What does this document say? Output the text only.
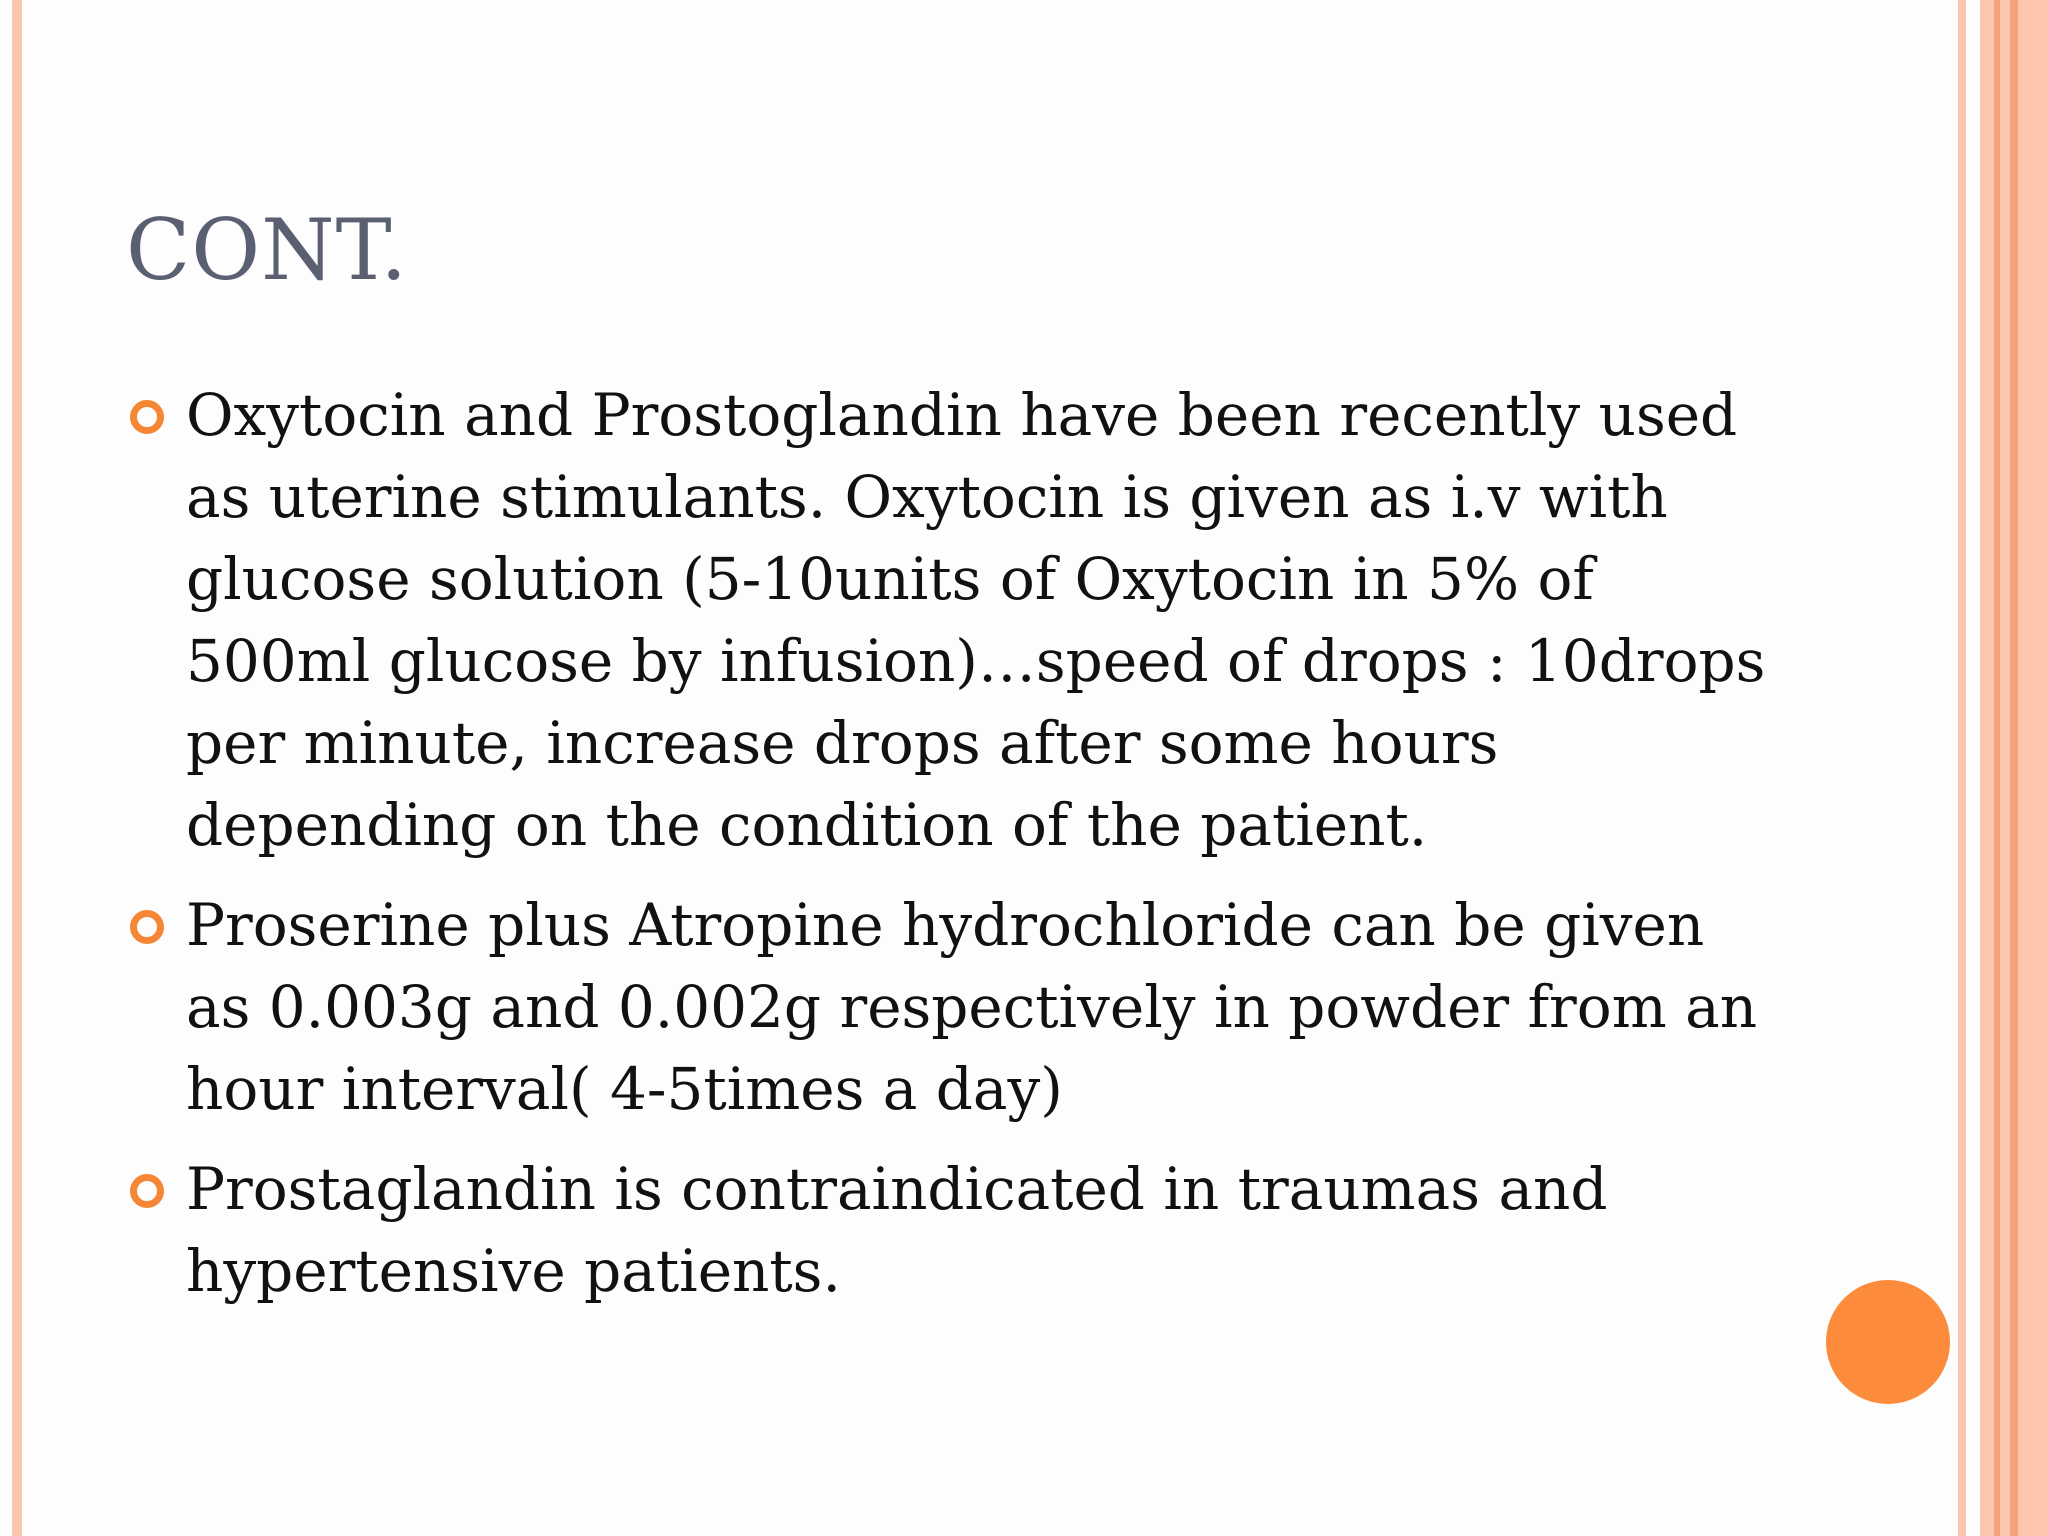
CONT.
Oxytocin and Prostoglandin have been recently used as uterine stimulants. Oxytocin is given as i.v with glucose solution (5-10units of Oxytocin in 5% of 500ml glucose by infusion)…speed of drops : 10drops per minute, increase drops after some hours depending on the condition of the patient.
Proserine plus Atropine hydrochloride can be given as 0.003g and 0.002g respectively in powder from an hour interval( 4-5times a day)
Prostaglandin is contraindicated in traumas and hypertensive patients.
